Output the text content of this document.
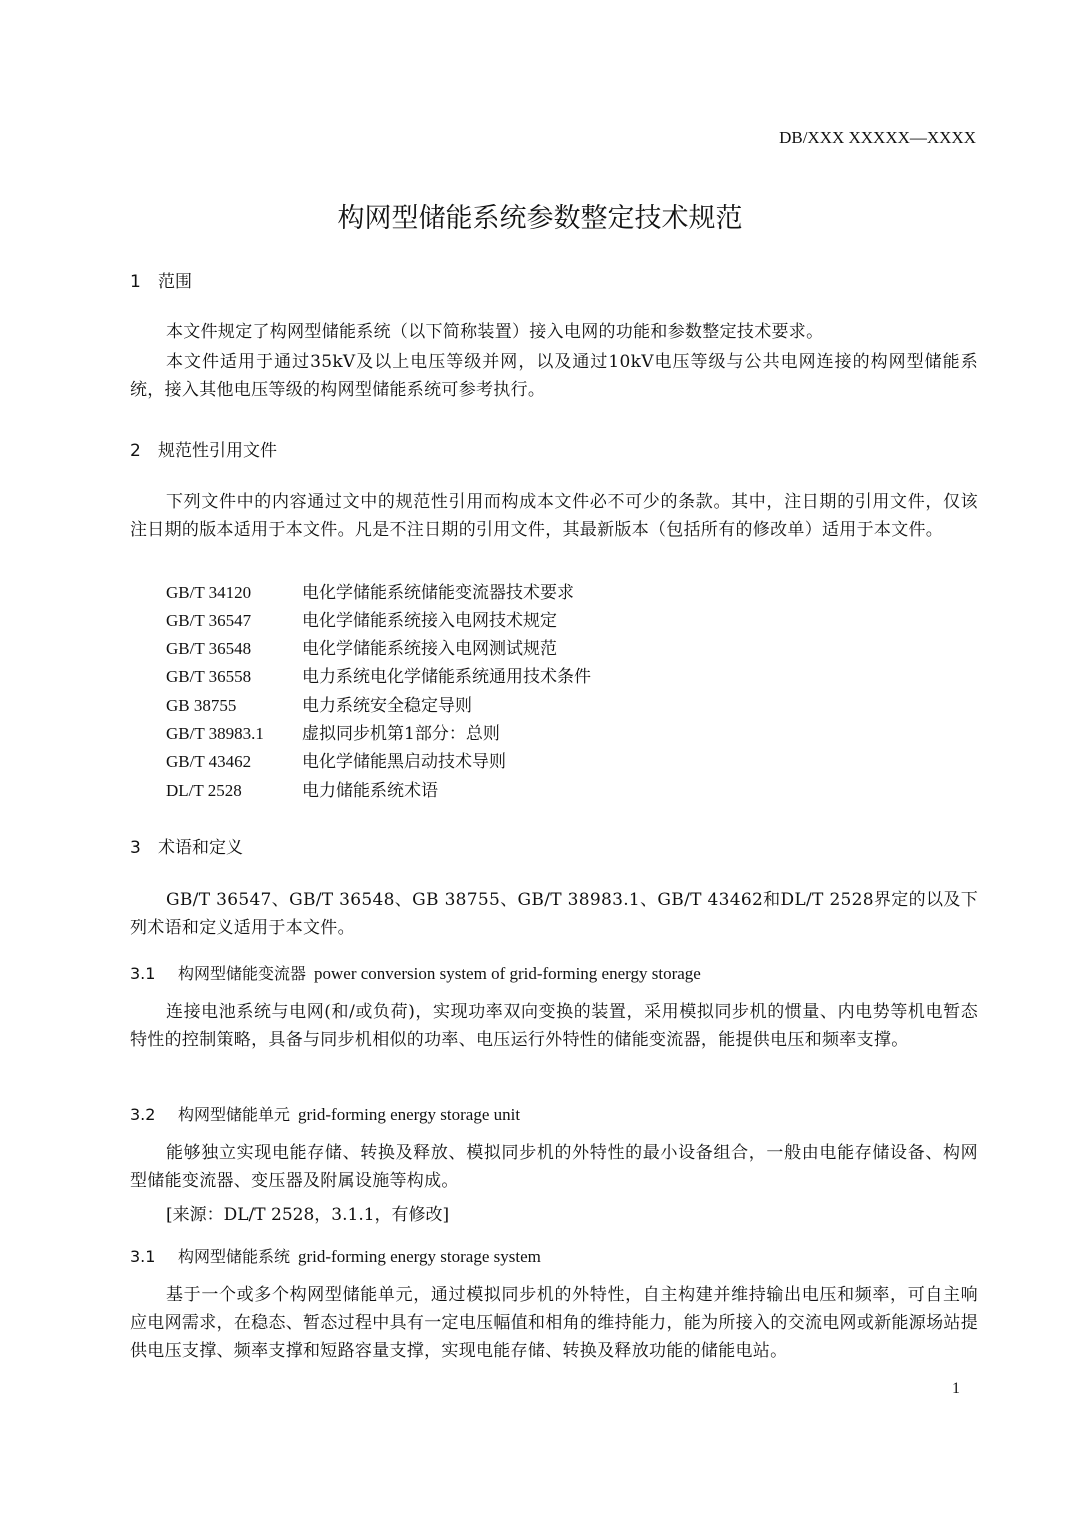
DB/XXX XXXXX—XXXX
构网型储能系统参数整定技术规范
1 范围

本文件规定了构网型储能系统（以下简称装置）接入电网的功能和参数整定技术要求。

本文件适用于通过35kV及以上电压等级并网，以及通过10kV电压等级与公共电网连接的构网型储能系统，接入其他电压等级的构网型储能系统可参考执行。

2 规范性引用文件

下列文件中的内容通过文中的规范性引用而构成本文件必不可少的条款。其中，注日期的引用文件，仅该注日期的版本适用于本文件。凡是不注日期的引用文件，其最新版本（包括所有的修改单）适用于本文件。

GB/T 34120	电化学储能系统储能变流器技术要求
GB/T 36547	电化学储能系统接入电网技术规定
GB/T 36548	电化学储能系统接入电网测试规范
GB/T 36558	电力系统电化学储能系统通用技术条件
GB 38755	电力系统安全稳定导则
GB/T 38983.1 虚拟同步机第1部分：总则
GB/T 43462	电化学储能黑启动技术导则
DL/T 2528	电力储能系统术语
3 术语和定义

GB/T 36547、GB/T 36548、GB 38755、GB/T 38983.1、GB/T 43462和DL/T 2528界定的以及下列术语和定义适用于本文件。

3.1 构网型储能变流器 power conversion system of grid-forming energy storage

连接电池系统与电网(和/或负荷)，实现功率双向变换的装置，采用模拟同步机的惯量、内电势等机电暂态特性的控制策略，具备与同步机相似的功率、电压运行外特性的储能变流器，能提供电压和频率支撑。

3.2 构网型储能单元 grid-forming energy storage unit

能够独立实现电能存储、转换及释放、模拟同步机的外特性的最小设备组合，一般由电能存储设备、构网型储能变流器、变压器及附属设施等构成。

[来源：DL/T 2528，3.1.1，有修改]
3.1 构网型储能系统 grid-forming energy storage system

基于一个或多个构网型储能单元，通过模拟同步机的外特性，自主构建并维持输出电压和频率，可自主响应电网需求，在稳态、暂态过程中具有一定电压幅值和相角的维持能力，能为所接入的交流电网或新能源场站提供电压支撑、频率支撑和短路容量支撑，实现电能存储、转换及释放功能的储能电站。

1
